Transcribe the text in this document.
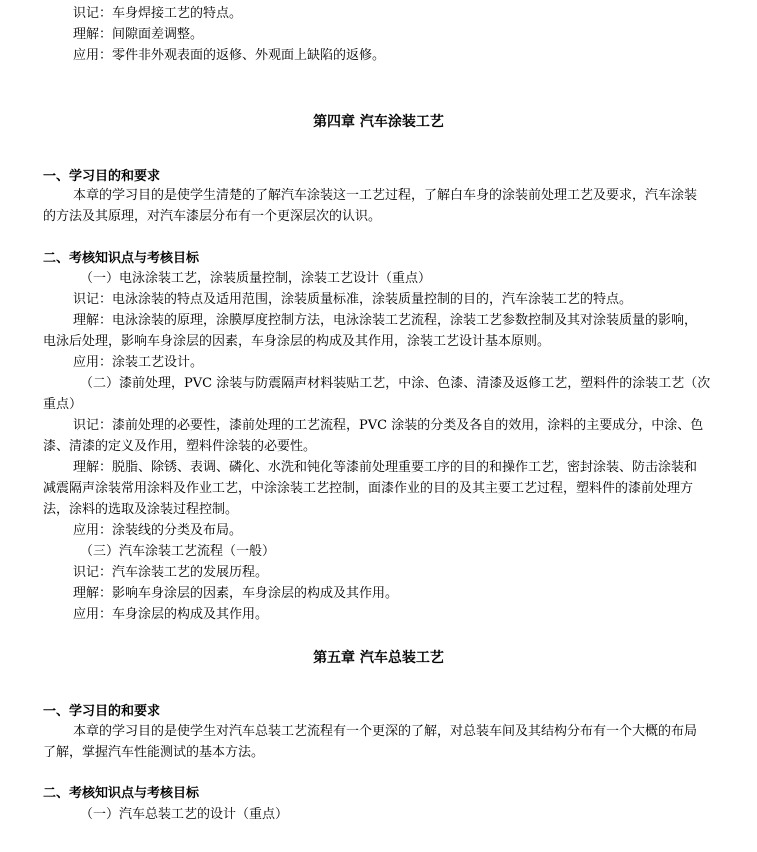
识记：车身焊接工艺的特点。
理解：间隙面差调整。
应用：零件非外观表面的返修、外观面上缺陷的返修。
第四章 汽车涂装工艺
一、学习目的和要求
本章的学习目的是使学生清楚的了解汽车涂装这一工艺过程，了解白车身的涂装前处理工艺及要求，汽车涂装
的方法及其原理，对汽车漆层分布有一个更深层次的认识。
二、考核知识点与考核目标
（一）电泳涂装工艺，涂装质量控制，涂装工艺设计（重点）
识记：电泳涂装的特点及适用范围，涂装质量标准，涂装质量控制的目的，汽车涂装工艺的特点。
理解：电泳涂装的原理，涂膜厚度控制方法，电泳涂装工艺流程，涂装工艺参数控制及其对涂装质量的影响，
电泳后处理，影响车身涂层的因素，车身涂层的构成及其作用，涂装工艺设计基本原则。
应用：涂装工艺设计。
（二）漆前处理，PVC 涂装与防震隔声材料装贴工艺，中涂、色漆、清漆及返修工艺，塑料件的涂装工艺（次
重点）
识记：漆前处理的必要性，漆前处理的工艺流程，PVC 涂装的分类及各自的效用，涂料的主要成分，中涂、色
漆、清漆的定义及作用，塑料件涂装的必要性。
理解：脱脂、除锈、表调、磷化、水洗和钝化等漆前处理重要工序的目的和操作工艺，密封涂装、防击涂装和
减震隔声涂装常用涂料及作业工艺，中涂涂装工艺控制，面漆作业的目的及其主要工艺过程，塑料件的漆前处理方
法，涂料的选取及涂装过程控制。
应用：涂装线的分类及布局。
（三）汽车涂装工艺流程（一般）
识记：汽车涂装工艺的发展历程。
理解：影响车身涂层的因素，车身涂层的构成及其作用。
应用：车身涂层的构成及其作用。
第五章 汽车总装工艺
一、学习目的和要求
本章的学习目的是使学生对汽车总装工艺流程有一个更深的了解，对总装车间及其结构分布有一个大概的布局
了解，掌握汽车性能测试的基本方法。
二、考核知识点与考核目标
（一）汽车总装工艺的设计（重点）
